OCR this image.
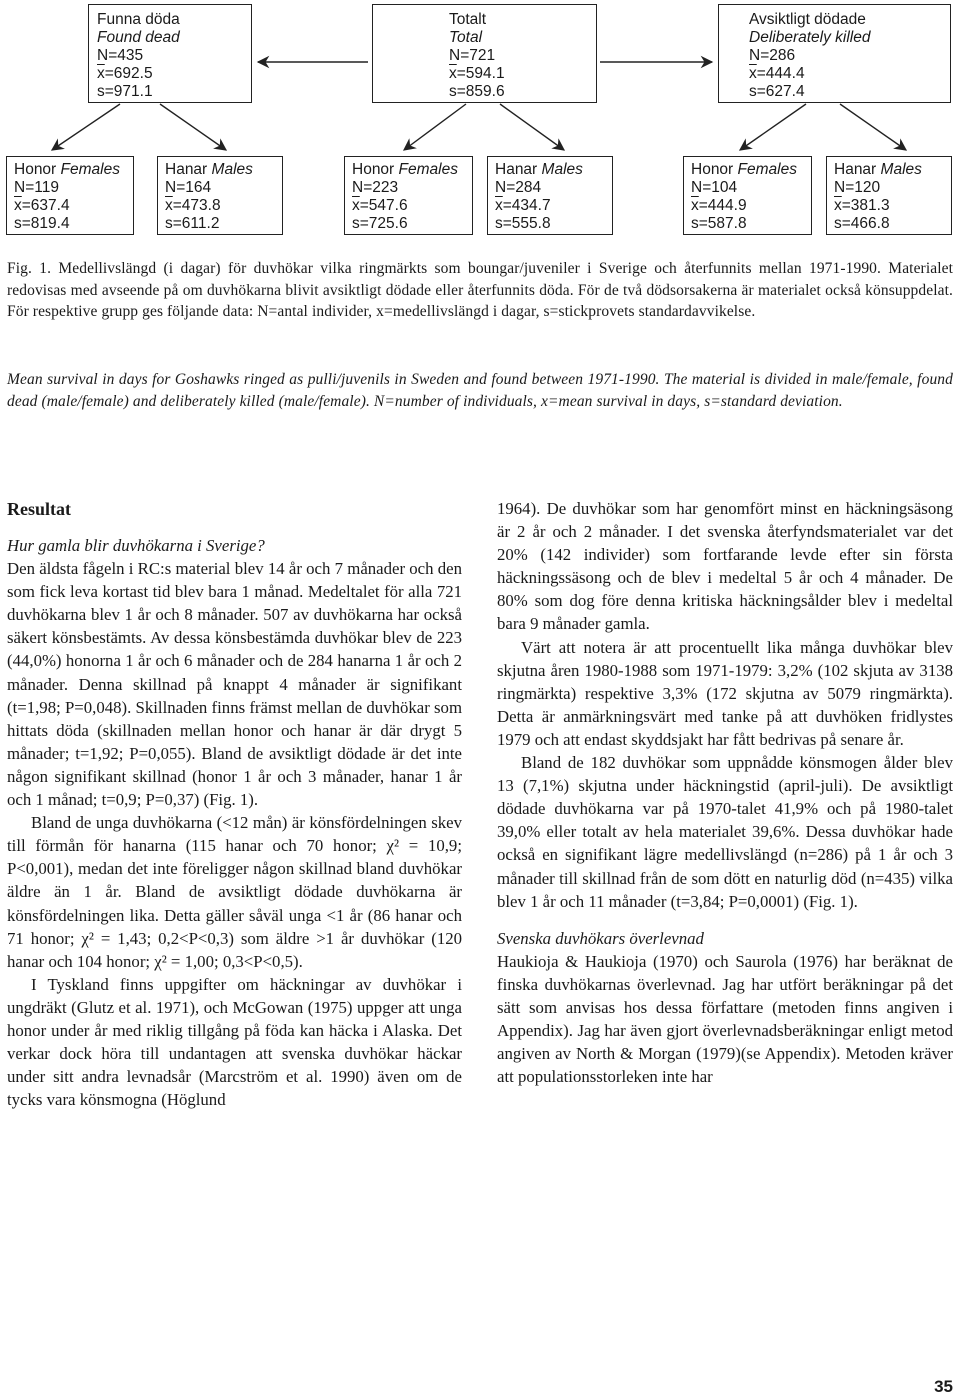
Funna döda
Found dead
N=435
$\overline{x}=692.5$
s=971.1
Totalt
Total
N=721
$\overline{x}=594.1$
s=859.6
Avsiktligt dödade
Deliberately killed
N=286
$\overline{x}=444.4$
s=627.4
Honor Females
N=119
$\overline{x}=637.4$
s=819.4
Hanar Males
N=164
$\overline{x}=473.8$
s=611.2
Honor Females
N=223
$\overline{x}=547.6$
s=725.6
Hanar Males
N=284
$\overline{x}=434.7$
s=555.8
Honor Females
N=104
$\overline{x}=444.9$
s=587.8
Hanar Males
N=120
$\overline{x}=381.3$
s=466.8
Fig. 1. Medellivslängd (i dagar) för duvhökar vilka ringmärkts som boungar/juveniler i Sverige och återfunnits mellan 1971-1990. Materialet redovisas med avseende på om duvhökarna blivit avsiktligt dödade eller återfunnits döda. För de två dödsorsakerna är materialet också könsuppdelat. För respektive grupp ges följande data: N=antal individer, x=medellivslängd i dagar, s=stickprovets standardavvikelse.
Mean survival in days for Goshawks ringed as pulli/juvenils in Sweden and found between 1971-1990. The material is divided in male/female, found dead (male/female) and deliberately killed (male/female). N=number of individuals, x=mean survival in days, s=standard deviation.
Resultat

Hur gamla blir duvhökarna i Sverige?

Den äldsta fågeln i RC:s material blev 14 år och 7 månader och den som fick leva kortast tid blev bara 1 månad. Medeltalet för alla 721 duvhökarna blev 1 år och 8 månader. 507 av duvhökarna har också säkert könsbestämts. Av dessa könsbestämda duvhökar blev de 223 (44,0%) honorna 1 år och 6 månader och de 284 hanarna 1 år och 2 månader. Denna skillnad på knappt 4 månader är signifikant (t=1,98; P=0,048). Skillnaden finns främst mellan de duvhökar som hittats döda (skillnaden mellan honor och hanar är där drygt 5 månader; t=1,92; P=0,055). Bland de avsiktligt dödade är det inte någon signifikant skillnad (honor 1 år och 3 månader, hanar 1 år och 1 månad; t=0,9; P=0,37) (Fig. 1).

Bland de unga duvhökarna (<12 mån) är könsfördelningen skev till förmån för hanarna (115 hanar och 70 honor; χ² = 10,9; P<0,001), medan det inte föreligger någon skillnad bland duvhökar äldre än 1 år. Bland de avsiktligt dödade duvhökarna är könsfördelningen lika. Detta gäller såväl unga <1 år (86 hanar och 71 honor; χ² = 1,43; 0,2<P<0,3) som äldre >1 år duvhökar (120 hanar och 104 honor; χ² = 1,00; 0,3<P<0,5).

I Tyskland finns uppgifter om häckningar av duvhökar i ungdräkt (Glutz et al. 1971), och McGowan (1975) uppger att unga honor under år med riklig tillgång på föda kan häcka i Alaska. Det verkar dock höra till undantagen att svenska duvhökar häckar under sitt andra levnadsår (Marcström et al. 1990) även om de tycks vara könsmogna (Höglund

1964). De duvhökar som har genomfört minst en häckningsäsong är 2 år och 2 månader. I det svenska återfyndsmaterialet var det 20% (142 individer) som fortfarande levde efter sin första häckningssäsong och de blev i medeltal 5 år och 4 månader. De 80% som dog före denna kritiska häckningsålder blev i medeltal bara 9 månader gamla.

Värt att notera är att procentuellt lika många duvhökar blev skjutna åren 1980-1988 som 1971-1979: 3,2% (102 skjuta av 3138 ringmärkta) respektive 3,3% (172 skjutna av 5079 ringmärkta). Detta är anmärkningsvärt med tanke på att duvhöken fridlystes 1979 och att endast skyddsjakt har fått bedrivas på senare år.

Bland de 182 duvhökar som uppnådde könsmogen ålder blev 13 (7,1%) skjutna under häckningstid (april-juli). De avsiktligt dödade duvhökarna var på 1970-talet 41,9% och på 1980-talet 39,0% eller totalt av hela materialet 39,6%. Dessa duvhökar hade också en signifikant lägre medellivslängd (n=286) på 1 år och 3 månader till skillnad från de som dött en naturlig död (n=435) vilka blev 1 år och 11 månader (t=3,84; P=0,0001) (Fig. 1).

Svenska duvhökars överlevnad

Haukioja & Haukioja (1970) och Saurola (1976) har beräknat de finska duvhökarnas överlevnad. Jag har utfört beräkningar på det sätt som anvisas hos dessa författare (metoden finns angiven i Appendix). Jag har även gjort överlevnadsberäkningar enligt metod angiven av North & Morgan (1979)(se Appendix). Metoden kräver att populationsstorleken inte har

35
